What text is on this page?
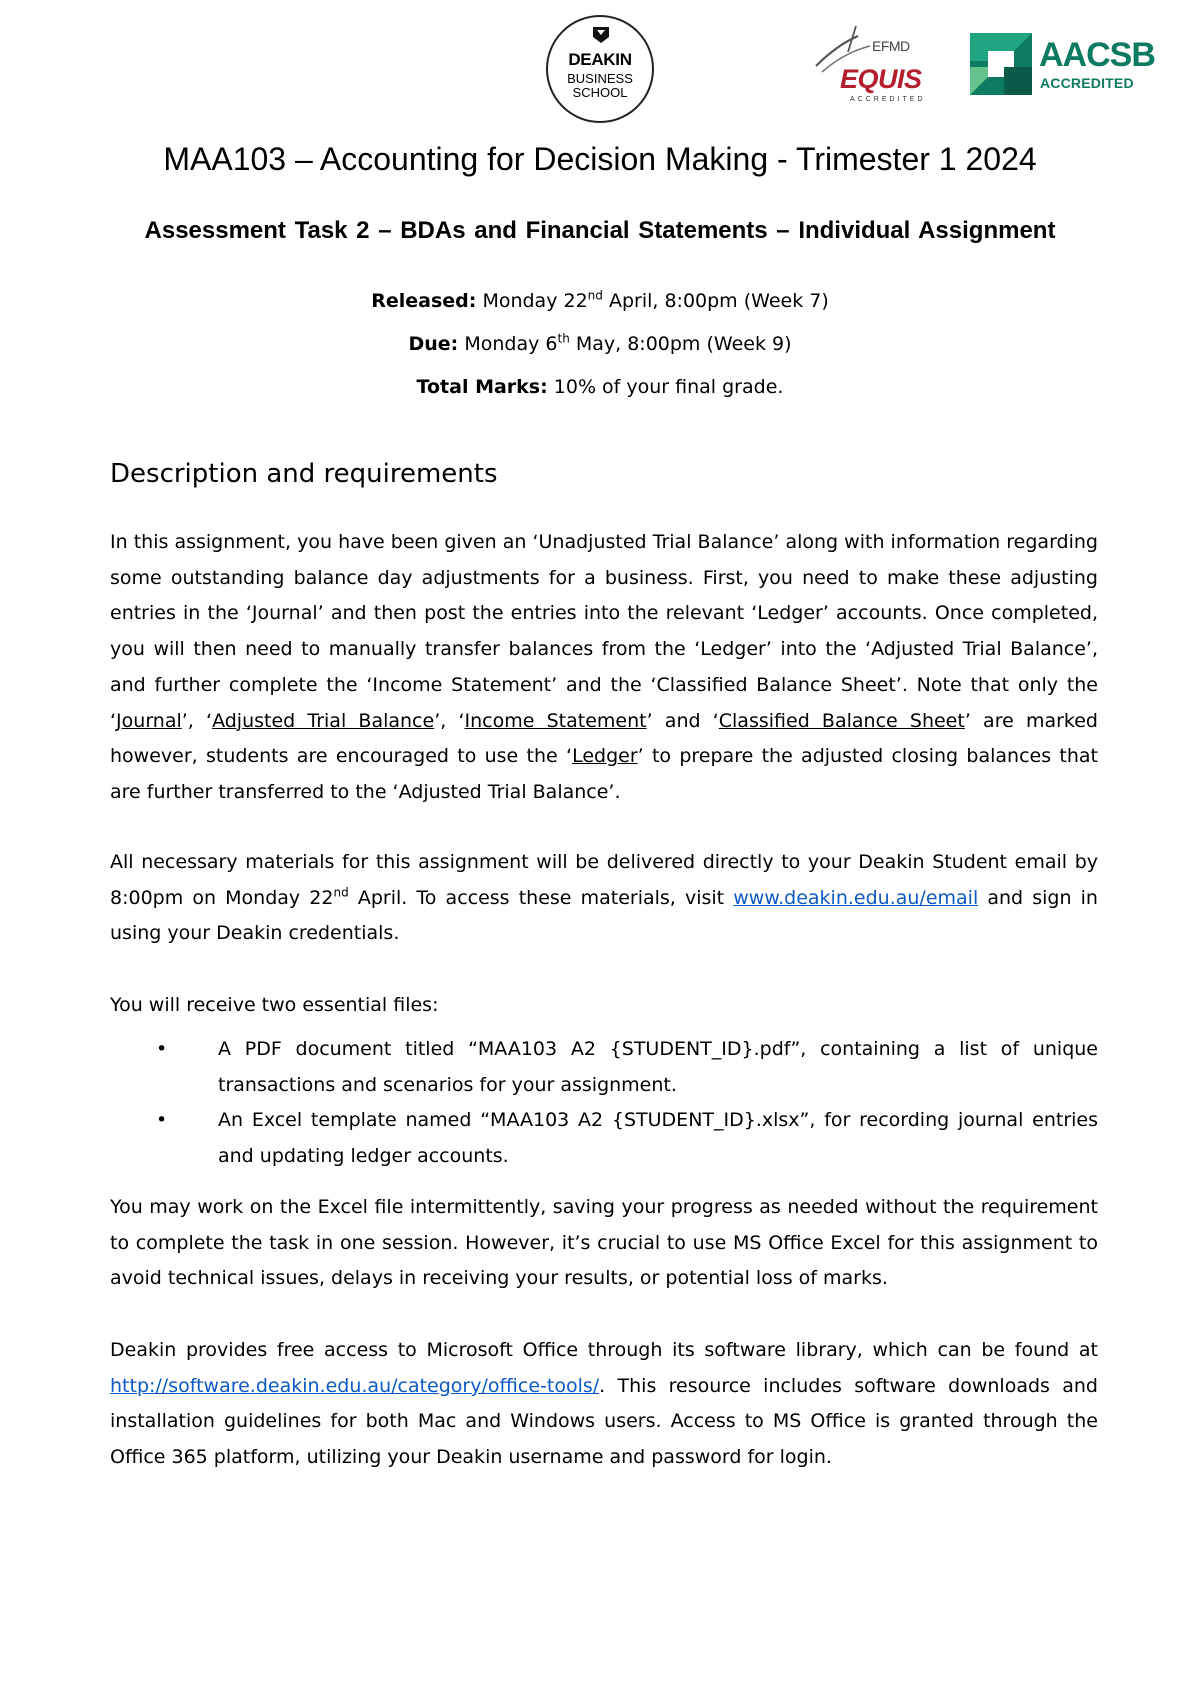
DEAKIN
BUSINESS
SCHOOL
EFMD
EQUIS
ACCREDITED
AACSB
ACCREDITED
MAA103 – Accounting for Decision Making - Trimester 1 2024
Assessment Task 2 – BDAs and Financial Statements – Individual Assignment
Released: Monday 22nd April, 8:00pm (Week 7)
Due: Monday 6th May, 8:00pm (Week 9)
Total Marks: 10% of your final grade.
Description and requirements
In this assignment, you have been given an ‘Unadjusted Trial Balance’ along with information regarding some outstanding balance day adjustments for a business. First, you need to make these adjusting entries in the ‘Journal’ and then post the entries into the relevant ‘Ledger’ accounts. Once completed, you will then need to manually transfer balances from the ‘Ledger’ into the ‘Adjusted Trial Balance’, and further complete the ‘Income Statement’ and the ‘Classified Balance Sheet’. Note that only the ‘Journal’, ‘Adjusted Trial Balance’, ‘Income Statement’ and ‘Classified Balance Sheet’ are marked however, students are encouraged to use the ‘Ledger’ to prepare the adjusted closing balances that are further transferred to the ‘Adjusted Trial Balance’.
All necessary materials for this assignment will be delivered directly to your Deakin Student email by 8:00pm on Monday 22nd April. To access these materials, visit www.deakin.edu.au/email and sign in using your Deakin credentials.
You will receive two essential files:
•	A PDF document titled “MAA103 A2 {STUDENT_ID}.pdf”, containing a list of unique transactions and scenarios for your assignment.
•	An Excel template named “MAA103 A2 {STUDENT_ID}.xlsx”, for recording journal entries and updating ledger accounts.
You may work on the Excel file intermittently, saving your progress as needed without the requirement to complete the task in one session. However, it’s crucial to use MS Office Excel for this assignment to avoid technical issues, delays in receiving your results, or potential loss of marks.
Deakin provides free access to Microsoft Office through its software library, which can be found at http://software.deakin.edu.au/category/office-tools/. This resource includes software downloads and installation guidelines for both Mac and Windows users. Access to MS Office is granted through the Office 365 platform, utilizing your Deakin username and password for login.
